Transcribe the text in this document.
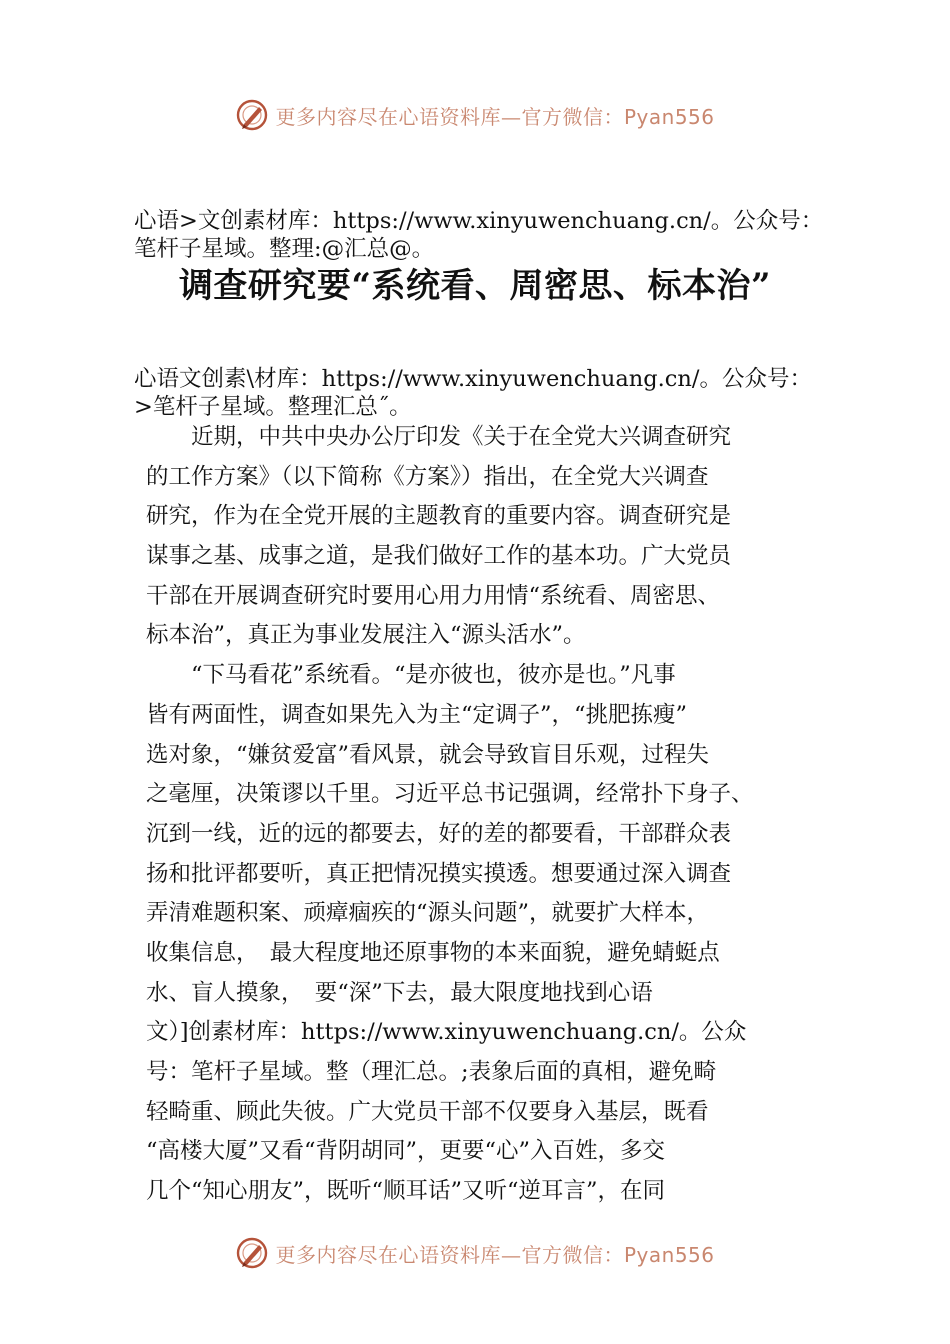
更多内容尽在心语资料库—官方微信：Pyan556
心语>文创素材库：https://www.xinyuwenchuang.cn/。公众号：
笔杆子星域。整理:@汇总@。
调查研究要“系统看、周密思、标本治”
心语文创素\材库：https://www.xinyuwenchuang.cn/。公众号：
>笔杆子星域。整理汇总˝。
　　近期，中共中央办公厅印发《关于在全党大兴调查研究
的工作方案》（以下简称《方案》）指出，在全党大兴调查
研究，作为在全党开展的主题教育的重要内容。调查研究是
谋事之基、成事之道，是我们做好工作的基本功。广大党员
干部在开展调查研究时要用心用力用情“系统看、周密思、
标本治”，真正为事业发展注入“源头活水”。
　　“下马看花”系统看。“是亦彼也，彼亦是也。”凡事
皆有两面性，调查如果先入为主“定调子”，“挑肥拣瘦”
选对象，“嫌贫爱富”看风景，就会导致盲目乐观，过程失
之毫厘，决策谬以千里。习近平总书记强调，经常扑下身子、
沉到一线，近的远的都要去，好的差的都要看，干部群众表
扬和批评都要听，真正把情况摸实摸透。想要通过深入调查
弄清难题积案、顽瘴痼疾的“源头问题”，就要扩大样本，
收集信息，　最大程度地还原事物的本来面貌，避免蜻蜓点
水、盲人摸象，　要“深”下去，最大限度地找到心语
文）]创素材库：https://www.xinyuwenchuang.cn/。公众
号：笔杆子星域。整（理汇总。;表象后面的真相，避免畸
轻畸重、顾此失彼。广大党员干部不仅要身入基层，既看
“高楼大厦”又看“背阴胡同”，更要“心”入百姓，多交
几个“知心朋友”，既听“顺耳话”又听“逆耳言”，在同
更多内容尽在心语资料库—官方微信：Pyan556
